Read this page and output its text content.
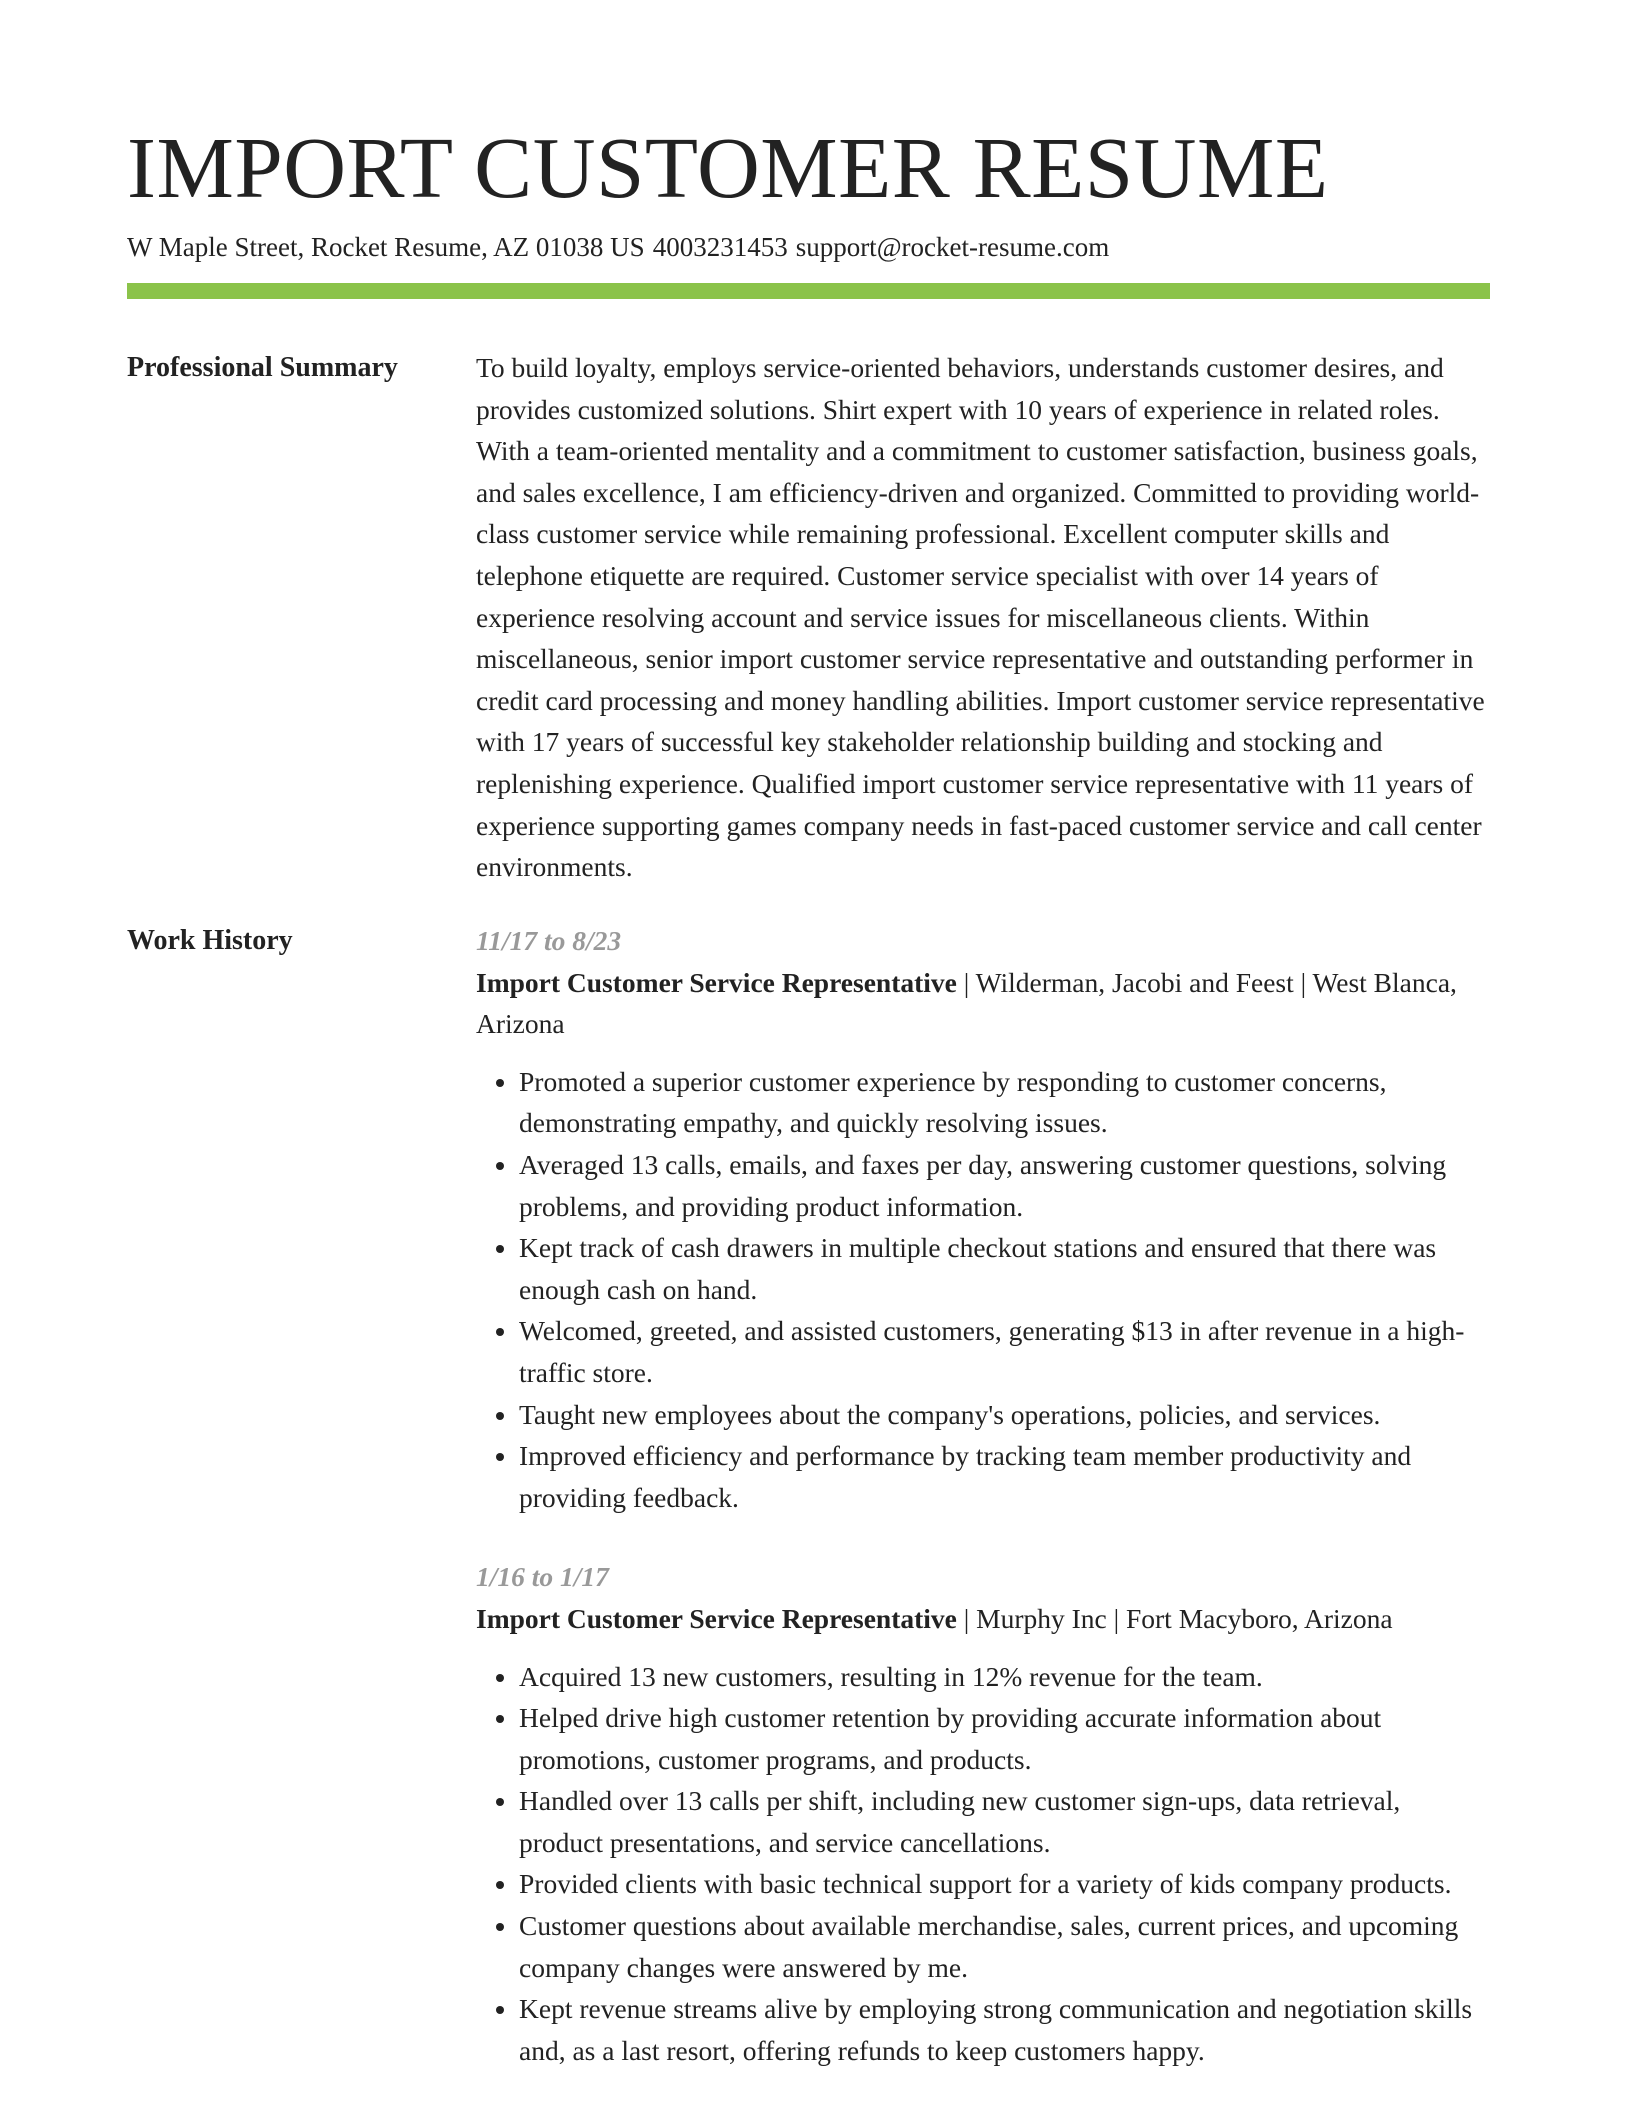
IMPORT CUSTOMER RESUME
W Maple Street, Rocket Resume, AZ 01038 US 4003231453 support@rocket-resume.com
Professional Summary	To build loyalty, employs service-oriented behaviors, understands customer desires, and provides customized solutions. Shirt expert with 10 years of experience in related roles. With a team-oriented mentality and a commitment to customer satisfaction, business goals, and sales excellence, I am efficiency-driven and organized. Committed to providing world-class customer service while remaining professional. Excellent computer skills and telephone etiquette are required. Customer service specialist with over 14 years of experience resolving account and service issues for miscellaneous clients. Within miscellaneous, senior import customer service representative and outstanding performer in credit card processing and money handling abilities. Import customer service representative with 17 years of successful key stakeholder relationship building and stocking and replenishing experience. Qualified import customer service representative with 11 years of experience supporting games company needs in fast-paced customer service and call center environments.

Work History	11/17 to 8/23
Import Customer Service Representative | Wilderman, Jacobi and Feest | West Blanca, Arizona
• Promoted a superior customer experience by responding to customer concerns, demonstrating empathy, and quickly resolving issues.
• Averaged 13 calls, emails, and faxes per day, answering customer questions, solving problems, and providing product information.
• Kept track of cash drawers in multiple checkout stations and ensured that there was enough cash on hand.
• Welcomed, greeted, and assisted customers, generating $13 in after revenue in a high-traffic store.
• Taught new employees about the company's operations, policies, and services.
• Improved efficiency and performance by tracking team member productivity and providing feedback.
1/16 to 1/17
Import Customer Service Representative | Murphy Inc | Fort Macyboro, Arizona
• Acquired 13 new customers, resulting in 12% revenue for the team.
• Helped drive high customer retention by providing accurate information about promotions, customer programs, and products.
• Handled over 13 calls per shift, including new customer sign-ups, data retrieval, product presentations, and service cancellations.
• Provided clients with basic technical support for a variety of kids company products.
• Customer questions about available merchandise, sales, current prices, and upcoming company changes were answered by me.
• Kept revenue streams alive by employing strong communication and negotiation skills and, as a last resort, offering refunds to keep customers happy.
